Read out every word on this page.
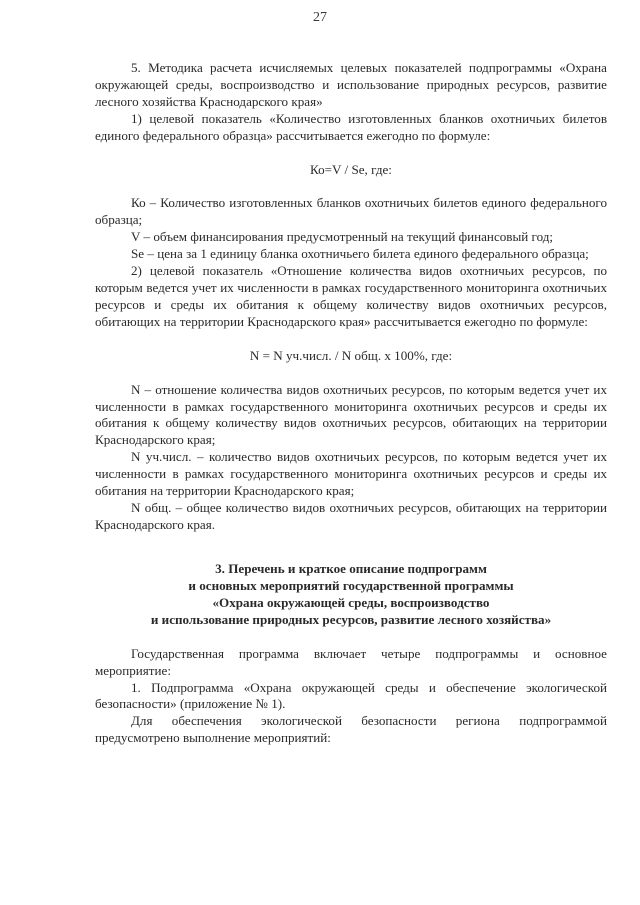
27

5. Методика расчета исчисляемых целевых показателей подпрограммы «Охрана окружающей среды, воспроизводство и использование природных ресурсов, развитие лесного хозяйства Краснодарского края»

1) целевой показатель «Количество изготовленных бланков охотничьих билетов единого федерального образца» рассчитывается ежегодно по формуле:

Ко=V / Se, где:

Ко – Количество изготовленных бланков охотничьих билетов единого федерального образца;

V – объем финансирования предусмотренный на текущий финансовый год;

Se – цена за 1 единицу бланка охотничьего билета единого федерального образца;

2) целевой показатель «Отношение количества видов охотничьих ресурсов, по которым ведется учет их численности в рамках государственного мониторинга охотничьих ресурсов и среды их обитания к общему количеству видов охотничьих ресурсов, обитающих на территории Краснодарского края» рассчитывается ежегодно по формуле:

N = N уч.числ. / N общ. х 100%, где:

N – отношение количества видов охотничьих ресурсов, по которым ведется учет их численности в рамках государственного мониторинга охотничьих ресурсов и среды их обитания к общему количеству видов охотничьих ресурсов, обитающих на территории Краснодарского края;

N уч.числ. – количество видов охотничьих ресурсов, по которым ведется учет их численности в рамках государственного мониторинга охотничьих ресурсов и среды их обитания на территории Краснодарского края;

N общ. – общее количество видов охотничьих ресурсов, обитающих на территории Краснодарского края.

3. Перечень и краткое описание подпрограмм
и основных мероприятий государственной программы
«Охрана окружающей среды, воспроизводство
и использование природных ресурсов, развитие лесного хозяйства»

Государственная программа включает четыре подпрограммы и основное мероприятие:

1. Подпрограмма «Охрана окружающей среды и обеспечение экологической безопасности» (приложение № 1).

Для обеспечения экологической безопасности региона подпрограммой предусмотрено выполнение мероприятий:
